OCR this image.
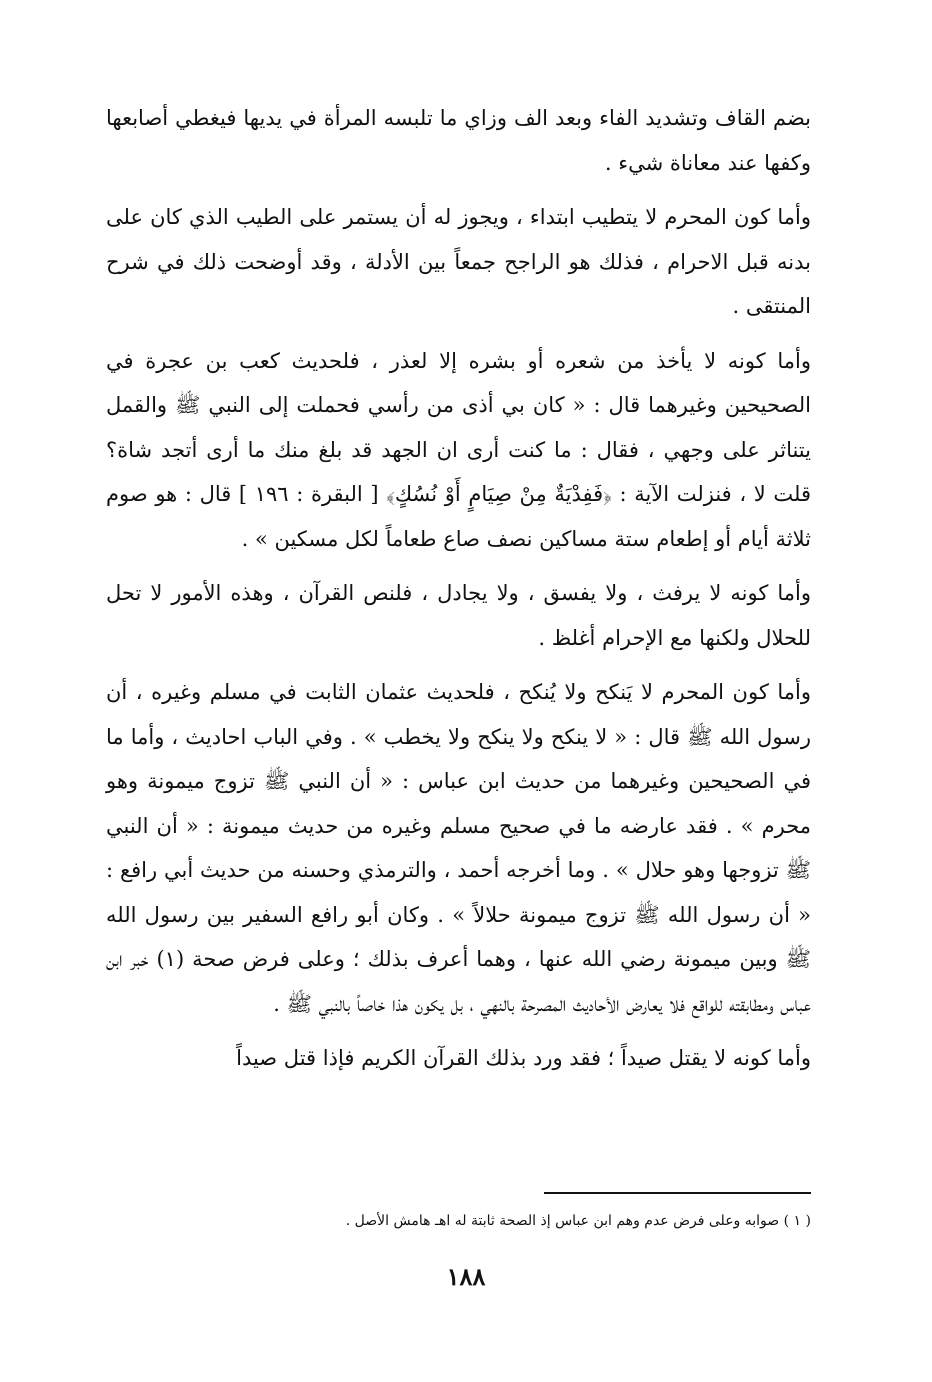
بضم القاف وتشديد الفاء وبعد الف وزاي ما تلبسه المرأة في يديها فيغطي أصابعها وكفها عند معاناة شيء .

وأما كون المحرم لا يتطيب ابتداء ، ويجوز له أن يستمر على الطيب الذي كان على بدنه قبل الاحرام ، فذلك هو الراجح جمعاً بين الأدلة ، وقد أوضحت ذلك في شرح المنتقى .

وأما كونه لا يأخذ من شعره أو بشره إلا لعذر ، فلحديث كعب بن عجرة في الصحيحين وغيرهما قال : « كان بي أذى من رأسي فحملت إلى النبي ﷺ والقمل يتناثر على وجهي ، فقال : ما كنت أرى ان الجهد قد بلغ منك ما أرى أتجد شاة؟ قلت لا ، فنزلت الآية : ﴿فَفِدْيَةٌ مِنْ صِيَامٍ أَوْ نُسُكٍ﴾ [ البقرة : ١٩٦ ] قال : هو صوم ثلاثة أيام أو إطعام ستة مساكين نصف صاع طعاماً لكل مسكين » .

وأما كونه لا يرفث ، ولا يفسق ، ولا يجادل ، فلنص القرآن ، وهذه الأمور لا تحل للحلال ولكنها مع الإحرام أغلظ .

وأما كون المحرم لا يَنكح ولا يُنكح ، فلحديث عثمان الثابت في مسلم وغيره ، أن رسول الله ﷺ قال : « لا ينكح ولا ينكح ولا يخطب » . وفي الباب احاديث ، وأما ما في الصحيحين وغيرهما من حديث ابن عباس : « أن النبي ﷺ تزوج ميمونة وهو محرم » . فقد عارضه ما في صحيح مسلم وغيره من حديث ميمونة : « أن النبي ﷺ تزوجها وهو حلال » . وما أخرجه أحمد ، والترمذي وحسنه من حديث أبي رافع : « أن رسول الله ﷺ تزوج ميمونة حلالاً » . وكان أبو رافع السفير بين رسول الله ﷺ وبين ميمونة رضي الله عنها ، وهما أعرف بذلك ؛ وعلى فرض صحة (١) خبر ابن عباس ومطابقته للواقع فلا يعارض الأحاديث المصرحة بالنهي ، بل يكون هذا خاصاً بالنبي ﷺ .

وأما كونه لا يقتل صيداً ؛ فقد ورد بذلك القرآن الكريم فإذا قتل صيداً

( ١ ) صوابه وعلى فرض عدم وهم ابن عباس إذ الصحة ثابتة له اهـ هامش الأصل .
١٨٨
